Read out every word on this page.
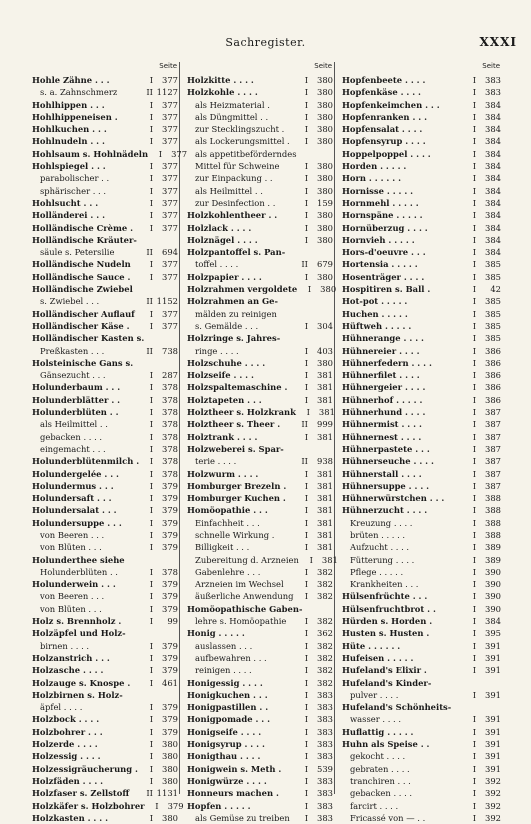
Sachregister.	XXXI
Seite
Hohle Zähne . . .	I	377
s. a. Zahnschmerz	II 1127
Hohlhippen . . .	I	377
Hohlhippeneisen .	I	377
Hohlkuchen . . .	I	377
Hohlnudeln . . .	I	377
Hohlsaum s. Hohlnädeln	I	377
Hohlspiegel . . .	I	377
parabolischer . .	I	377
sphärischer . . .	I	377
Hohlsucht . . .	I	377
Holländerei . . .	I	377
Holländische Crème .	I	377
Holländische Kräuter-
säule s. Petersilie	II	694
Holländische Nudeln	I	377
Holländische Sauce .	I	377
Holländische Zwiebel
s. Zwiebel . . .	II 1152
Holländischer Auflauf	I	377
Holländischer Käse .	I	377
Holländischer Kasten s.
Preßkasten . . .	II	738
Holsteinische Gans s.
Gänsezucht . . .	I	287
Holunderbaum . . .	I	378
Holunderblätter . .	I	378
Holunderblüten . .	I	378
als Heilmittel . .	I	378
gebacken . . . .	I	378
eingemacht . . .	I	378
Holunderblütenmilch .	I	378
Holundergelée . . .	I	378
Holundermus . . .	I	379
Holundersaft . . .	I	379
Holundersalat . . .	I	379
Holundersuppe . . .	I	379
von Beeren . . .	I	379
von Blüten . . .	I	379
Holunderthee siehe
Holunderblüten . .	I	378
Holunderwein . . .	I	379
von Beeren . . .	I	379
von Blüten . . .	I	379
Holz s. Brennholz .	I	99
Holzäpfel und Holz-
birnen . . . .	I	379
Holzanstrich . . .	I	379
Holzasche . . . .	I	379
Holzauge s. Knospe .	I	461
Holzbirnen s. Holz-
äpfel . . . .	I	379
Holzbock . . . .	I	379
Holzbohrer . . .	I	379
Holzerde . . . .	I	380
Holzessig . . . .	I	380
Holzessigräucherung .	I	380
Holzfäden . . . .	I	380
Holzfaser s. Zellstoff	II 1131
Holzkäfer s. Holzbohrer	I	379
Holzkasten . . . .	I	380
Seite
Holzkitte . . . .	I	380
Holzkohle . . . .	I	380
als Heizmaterial .	I	380
als Düngmittel . .	I	380
zur Stecklingszucht .	I	380
als Lockerungsmittel .	I	380
als appetitbeförderndes
Mittel für Schweine	I	380
zur Einpackung . .	I	380
als Heilmittel . .	I	380
zur Desinfection . .	I	159
Holzkohlentheer . .	I	380
Holzlack . . . .	I	380
Holznägel . . . .	I	380
Holzpantoffel s. Pan-
toffel . . . .	II	679
Holzpapier . . . .	I	380
Holzrahmen vergoldete	I	380
Holzrahmen an Ge-
mälden zu reinigen
s. Gemälde . . .	I	304
Holzringe s. Jahres-
ringe . . . .	I	403
Holzschuhe . . . .	I	380
Holzseife . . . .	I	381
Holzspaltemaschine .	I	381
Holztapeten . . .	I	381
Holztheer s. Holzkrank	I	381
Holztheer s. Theer .	II	999
Holztrank . . . .	I	381
Holzweberei s. Spar-
terie . . . .	II	938
Holzwurm . . . .	I	381
Homburger Brezeln .	I	381
Homburger Kuchen .	I	381
Homöopathie . . .	I	381
Einfachheit . . .	I	381
schnelle Wirkung .	I	381
Billigkeit . . .	I	381
Zubereitung d. Arzneien	I	381
Gabenlehre . . .	I	382
Arzneien im Wechsel	I	382
äußerliche Anwendung	I	382
Homöopathische Gaben-
lehre s. Homöopathie	I	382
Honig . . . . .	I	362
auslassen . . .	I	382
aufbewahren . . .	I	382
reinigen . . . .	I	382
Honigessig . . . .	I	382
Honigkuchen . . .	I	383
Honigpastillen . .	I	383
Honigpomade . . .	I	383
Honigseife . . . .	I	383
Honigsyrup . . . .	I	383
Honigthau . . . .	I	383
Honigwein s. Meth .	I	539
Honigwürze . . . .	I	383
Honneurs machen .	I	383
Hopfen . . . . .	I	383
als Gemüse zu treiben	I	383
Seite
Hopfenbeete . . . .	I	383
Hopfenkäse . . . .	I	383
Hopfenkeimchen . . .	I	384
Hopfenranken . . .	I	384
Hopfensalat . . . .	I	384
Hopfensyrup . . . .	I	384
Hoppelpoppel . . . .	I	384
Horden . . . . .	I	384
Horn . . . . . .	I	384
Hornisse . . . . .	I	384
Hornmehl . . . . .	I	384
Hornspäne . . . . .	I	384
Hornüberzug . . . .	I	384
Hornvieh . . . . .	I	384
Hors-d'oeuvre . . .	I	384
Hortensia . . . . .	I	385
Hosenträger . . . .	I	385
Hospitiren s. Ball .	I	42
Hot-pot . . . . .	I	385
Huchen . . . . .	I	385
Hüftweh . . . . .	I	385
Hühnerange . . . .	I	385
Hühnereier . . . .	I	386
Hühnerfedern . . . .	I	386
Hühnerfilet . . . .	I	386
Hühnergeier . . . .	I	386
Hühnerhof . . . . .	I	386
Hühnerhund . . . .	I	387
Hühnermist . . . .	I	387
Hühnernest . . . .	I	387
Hühnerpastete . . .	I	387
Hühnerseuche . . . .	I	387
Hühnerstall . . . .	I	387
Hühnersuppe . . . .	I	387
Hühnerwürstchen . . .	I	388
Hühnerzucht . . . .	I	388
Kreuzung . . . .	I	388
brüten . . . . .	I	388
Aufzucht . . . .	I	389
Fütterung . . . .	I	389
Pflege . . . . .	I	390
Krankheiten . . .	I	390
Hülsenfrüchte . . .	I	390
Hülsenfruchtbrot . .	I	390
Hürden s. Horden .	I	384
Husten s. Husten .	I	395
Hüte . . . . . .	I	391
Hufeisen . . . . .	I	391
Hufeland's Elixir .	I	391
Hufeland's Kinder-
pulver . . . .	I	391
Hufeland's Schönheits-
wasser . . . .	I	391
Huflattig . . . . .	I	391
Huhn als Speise . .	I	391
gekocht . . . .	I	391
gebraten . . . .	I	391
tranchiren . . .	I	392
gebacken . . . .	I	392
farcirt . . . .	I	392
Fricassé von — . .	I	392
